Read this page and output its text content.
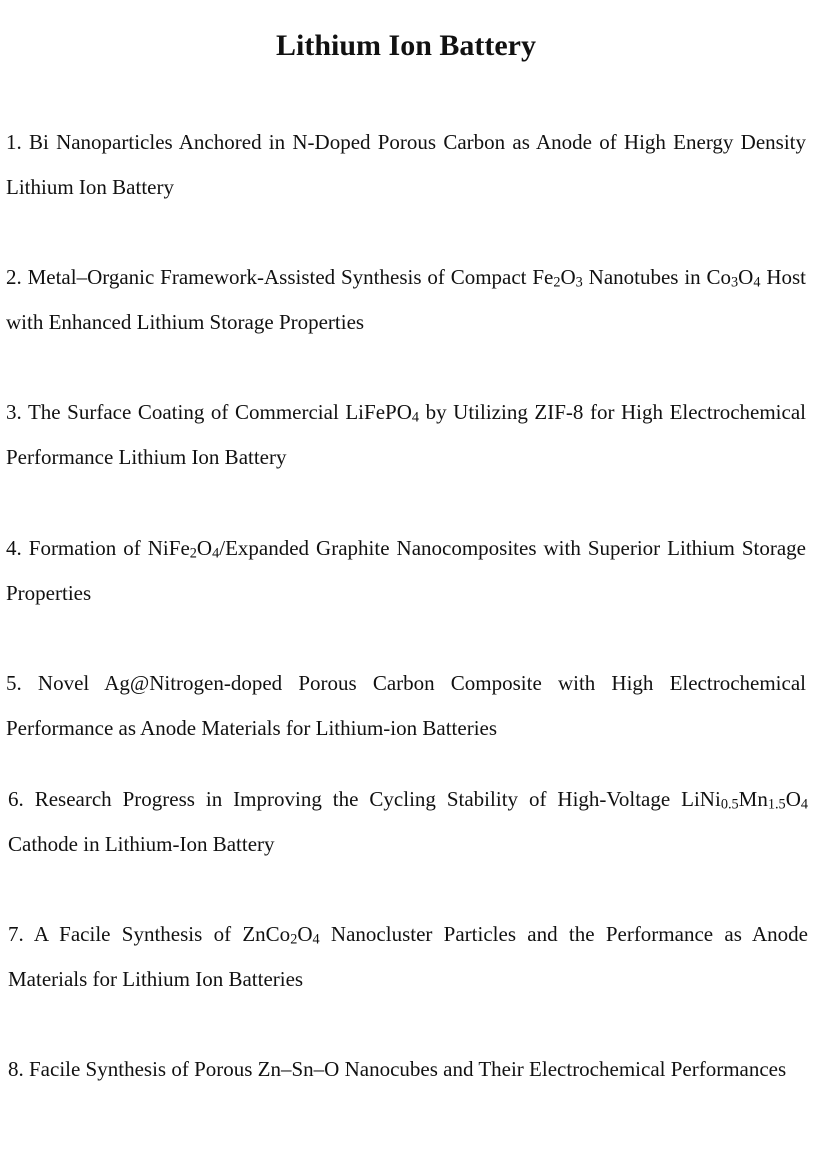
Lithium Ion Battery

1. Bi Nanoparticles Anchored in N-Doped Porous Carbon as Anode of High Energy Density Lithium Ion Battery

2. Metal–Organic Framework-Assisted Synthesis of Compact $Fe_2O_3$ Nanotubes in $Co_3O_4$ Host with Enhanced Lithium Storage Properties

3. The Surface Coating of Commercial LiFePO$_4$ by Utilizing ZIF-8 for High Electrochemical Performance Lithium Ion Battery

4. Formation of $NiFe_2O_4$/Expanded Graphite Nanocomposites with Superior Lithium Storage Properties

5. Novel Ag@Nitrogen-doped Porous Carbon Composite with High Electrochemical Performance as Anode Materials for Lithium-ion Batteries

6. Research Progress in Improving the Cycling Stability of High-Voltage $LiNi_{0.5}Mn_{1.5}O_4$ Cathode in Lithium-Ion Battery

7. A Facile Synthesis of $ZnCo_2O_4$ Nanocluster Particles and the Performance as Anode Materials for Lithium Ion Batteries

8. Facile Synthesis of Porous Zn–Sn–O Nanocubes and Their Electrochemical Performances
